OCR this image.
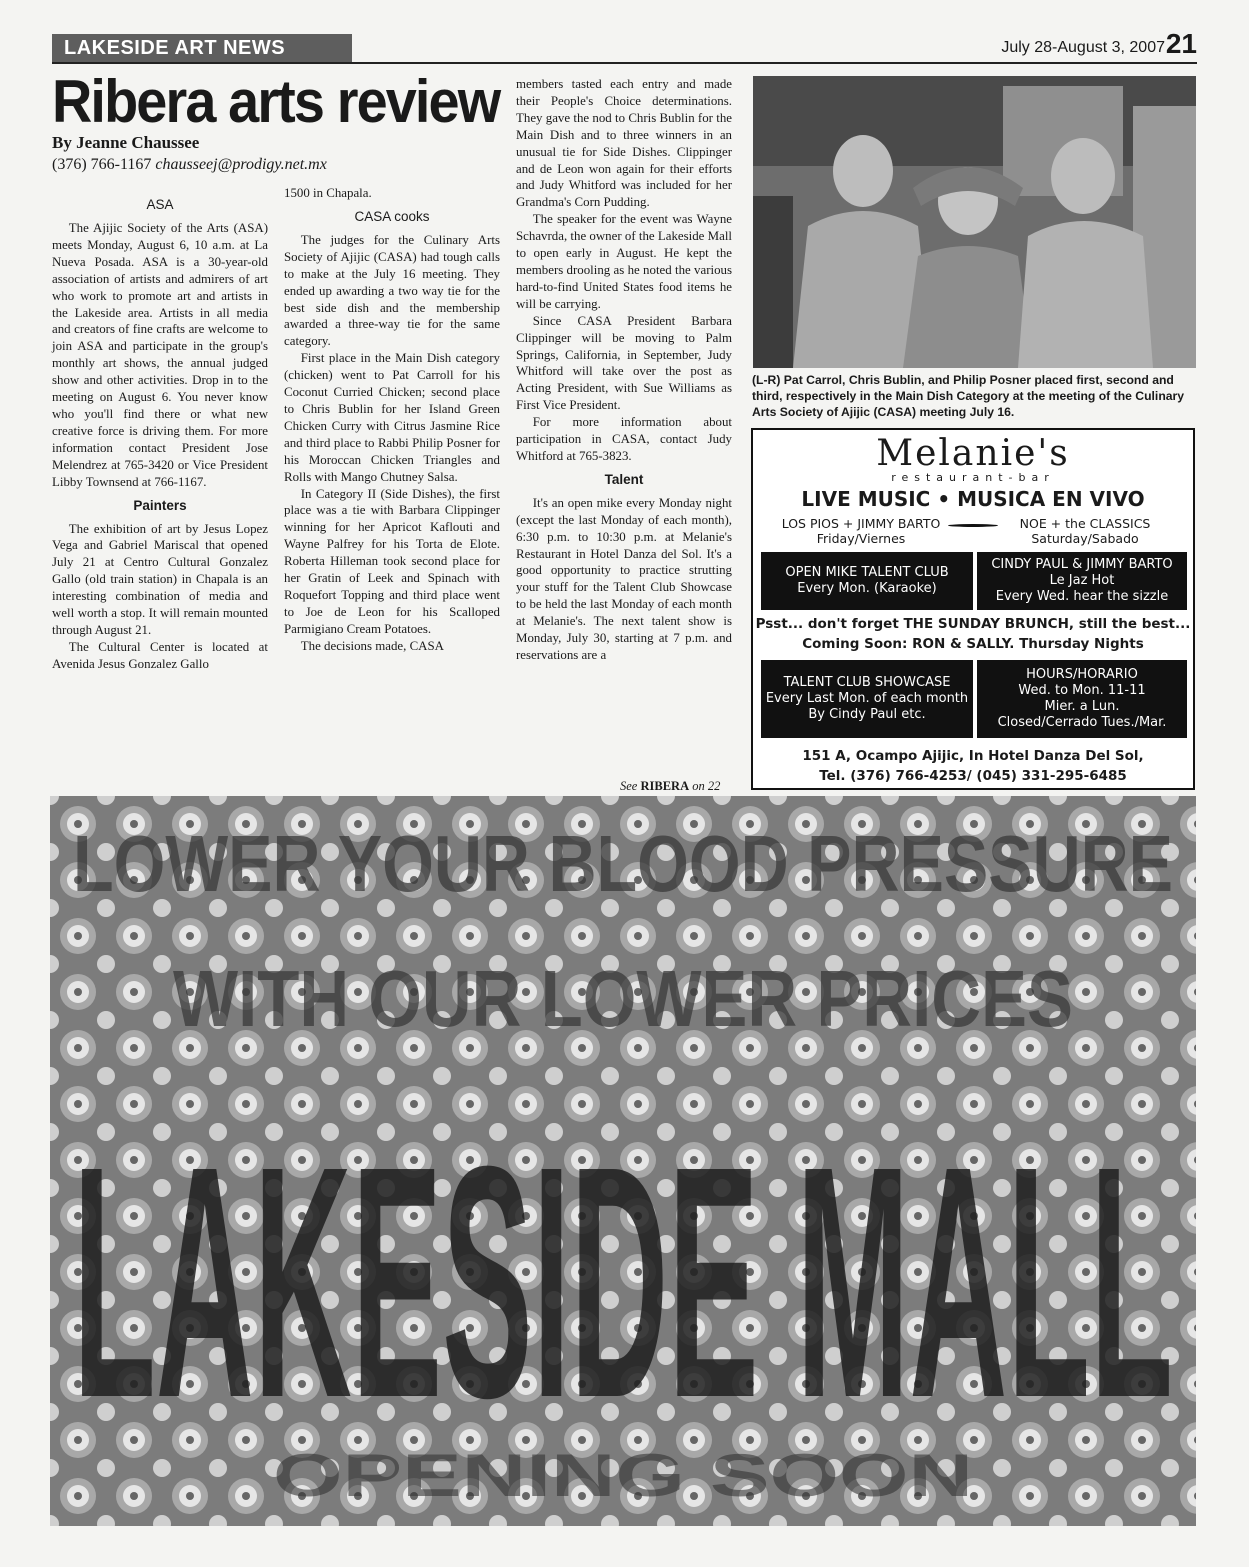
LAKESIDE ART NEWS	July 28-August 3, 2007 21
Ribera arts review
By Jeanne Chaussee
(376) 766-1167 chausseej@prodigy.net.mx
ASA

The Ajijic Society of the Arts (ASA) meets Monday, August 6, 10 a.m. at La Nueva Posada. ASA is a 30-year-old association of artists and admirers of art who work to promote art and artists in the Lakeside area. Artists in all media and creators of fine crafts are welcome to join ASA and participate in the group's monthly art shows, the annual judged show and other activities. Drop in to the meeting on August 6. You never know who you'll find there or what new creative force is driving them. For more information contact President Jose Melendrez at 765-3420 or Vice President Libby Townsend at 766-1167.

Painters

The exhibition of art by Jesus Lopez Vega and Gabriel Mariscal that opened July 21 at Centro Cultural Gonzalez Gallo (old train station) in Chapala is an interesting combination of media and well worth a stop. It will remain mounted through August 21.

The Cultural Center is located at Avenida Jesus Gonzalez Gallo

1500 in Chapala.

CASA cooks

The judges for the Culinary Arts Society of Ajijic (CASA) had tough calls to make at the July 16 meeting. They ended up awarding a two way tie for the best side dish and the membership awarded a three-way tie for the same category.

First place in the Main Dish category (chicken) went to Pat Carroll for his Coconut Curried Chicken; second place to Chris Bublin for her Island Green Chicken Curry with Citrus Jasmine Rice and third place to Rabbi Philip Posner for his Moroccan Chicken Triangles and Rolls with Mango Chutney Salsa.

In Category II (Side Dishes), the first place was a tie with Barbara Clippinger winning for her Apricot Kaflouti and Wayne Palfrey for his Torta de Elote. Roberta Hilleman took second place for her Gratin of Leek and Spinach with Roquefort Topping and third place went to Joe de Leon for his Scalloped Parmigiano Cream Potatoes.

The decisions made, CASA

members tasted each entry and made their People's Choice determinations. They gave the nod to Chris Bublin for the Main Dish and to three winners in an unusual tie for Side Dishes. Clippinger and de Leon won again for their efforts and Judy Whitford was included for her Grandma's Corn Pudding.

The speaker for the event was Wayne Schavrda, the owner of the Lakeside Mall to open early in August. He kept the members drooling as he noted the various hard-to-find United States food items he will be carrying.

Since CASA President Barbara Clippinger will be moving to Palm Springs, California, in September, Judy Whitford will take over the post as Acting President, with Sue Williams as First Vice President.

For more information about participation in CASA, contact Judy Whitford at 765-3823.

Talent

It's an open mike every Monday night (except the last Monday of each month), 6:30 p.m. to 10:30 p.m. at Melanie's Restaurant in Hotel Danza del Sol. It's a good opportunity to practice strutting your stuff for the Talent Club Showcase to be held the last Monday of each month at Melanie's. The next talent show is Monday, July 30, starting at 7 p.m. and reservations are a

See RIBERA on 22
(L-R) Pat Carrol, Chris Bublin, and Philip Posner placed first, second and third, respectively in the Main Dish Category at the meeting of the Culinary Arts Society of Ajijic (CASA) meeting July 16.
Melanie's
restaurant-bar
LIVE MUSIC • MUSICA EN VIVO
LOS PIOS + JIMMY BARTO
Friday/Viernes
NOE + the CLASSICS
Saturday/Sabado
OPEN MIKE TALENT CLUB
Every Mon. (Karaoke)
CINDY PAUL & JIMMY BARTO
Le Jaz Hot
Every Wed. hear the sizzle
Psst... don't forget THE SUNDAY BRUNCH, still the best...
Coming Soon: RON & SALLY. Thursday Nights
TALENT CLUB SHOWCASE
Every Last Mon. of each month
By Cindy Paul etc.
HOURS/HORARIO
Wed. to Mon. 11-11
Mier. a Lun.
Closed/Cerrado Tues./Mar.
151 A, Ocampo Ajijic, In Hotel Danza Del Sol,
Tel. (376) 766-4253/ (045) 331-295-6485
LOWER YOUR BLOOD PRESSURE
WITH OUR LOWER PRICES
LAKESIDE MALL
OPENING SOON
